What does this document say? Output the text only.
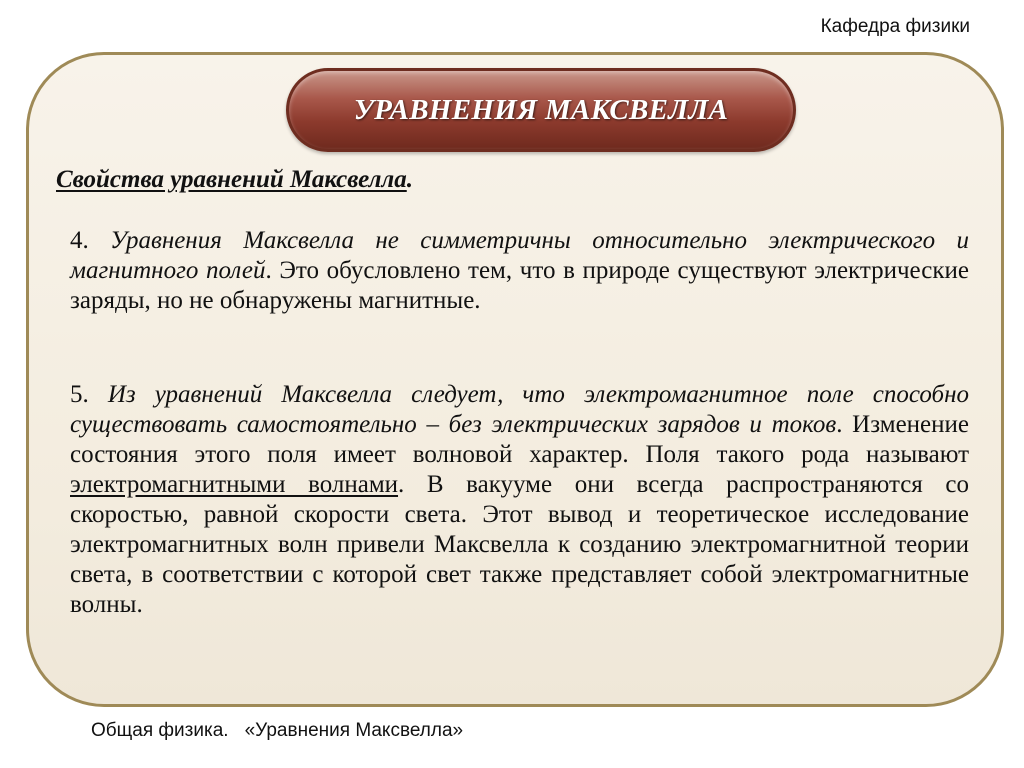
Кафедра физики
УРАВНЕНИЯ МАКСВЕЛЛА
Свойства уравнений Максвелла.

4. Уравнения Максвелла не симметричны относительно электрического и магнитного полей. Это обусловлено тем, что в природе существуют электрические заряды, но не обнаружены магнитные.

5. Из уравнений Максвелла следует, что электромагнитное поле способно существовать самостоятельно – без электрических зарядов и токов. Изменение состояния этого поля имеет волновой характер. Поля такого рода называют электромагнитными волнами. В вакууме они всегда распространяются со скоростью, равной скорости света. Этот вывод и теоретическое исследование электромагнитных волн привели Максвелла к созданию электромагнитной теории света, в соответствии с которой свет также представляет собой электромагнитные волны.

Общая физика. «Уравнения Максвелла»
